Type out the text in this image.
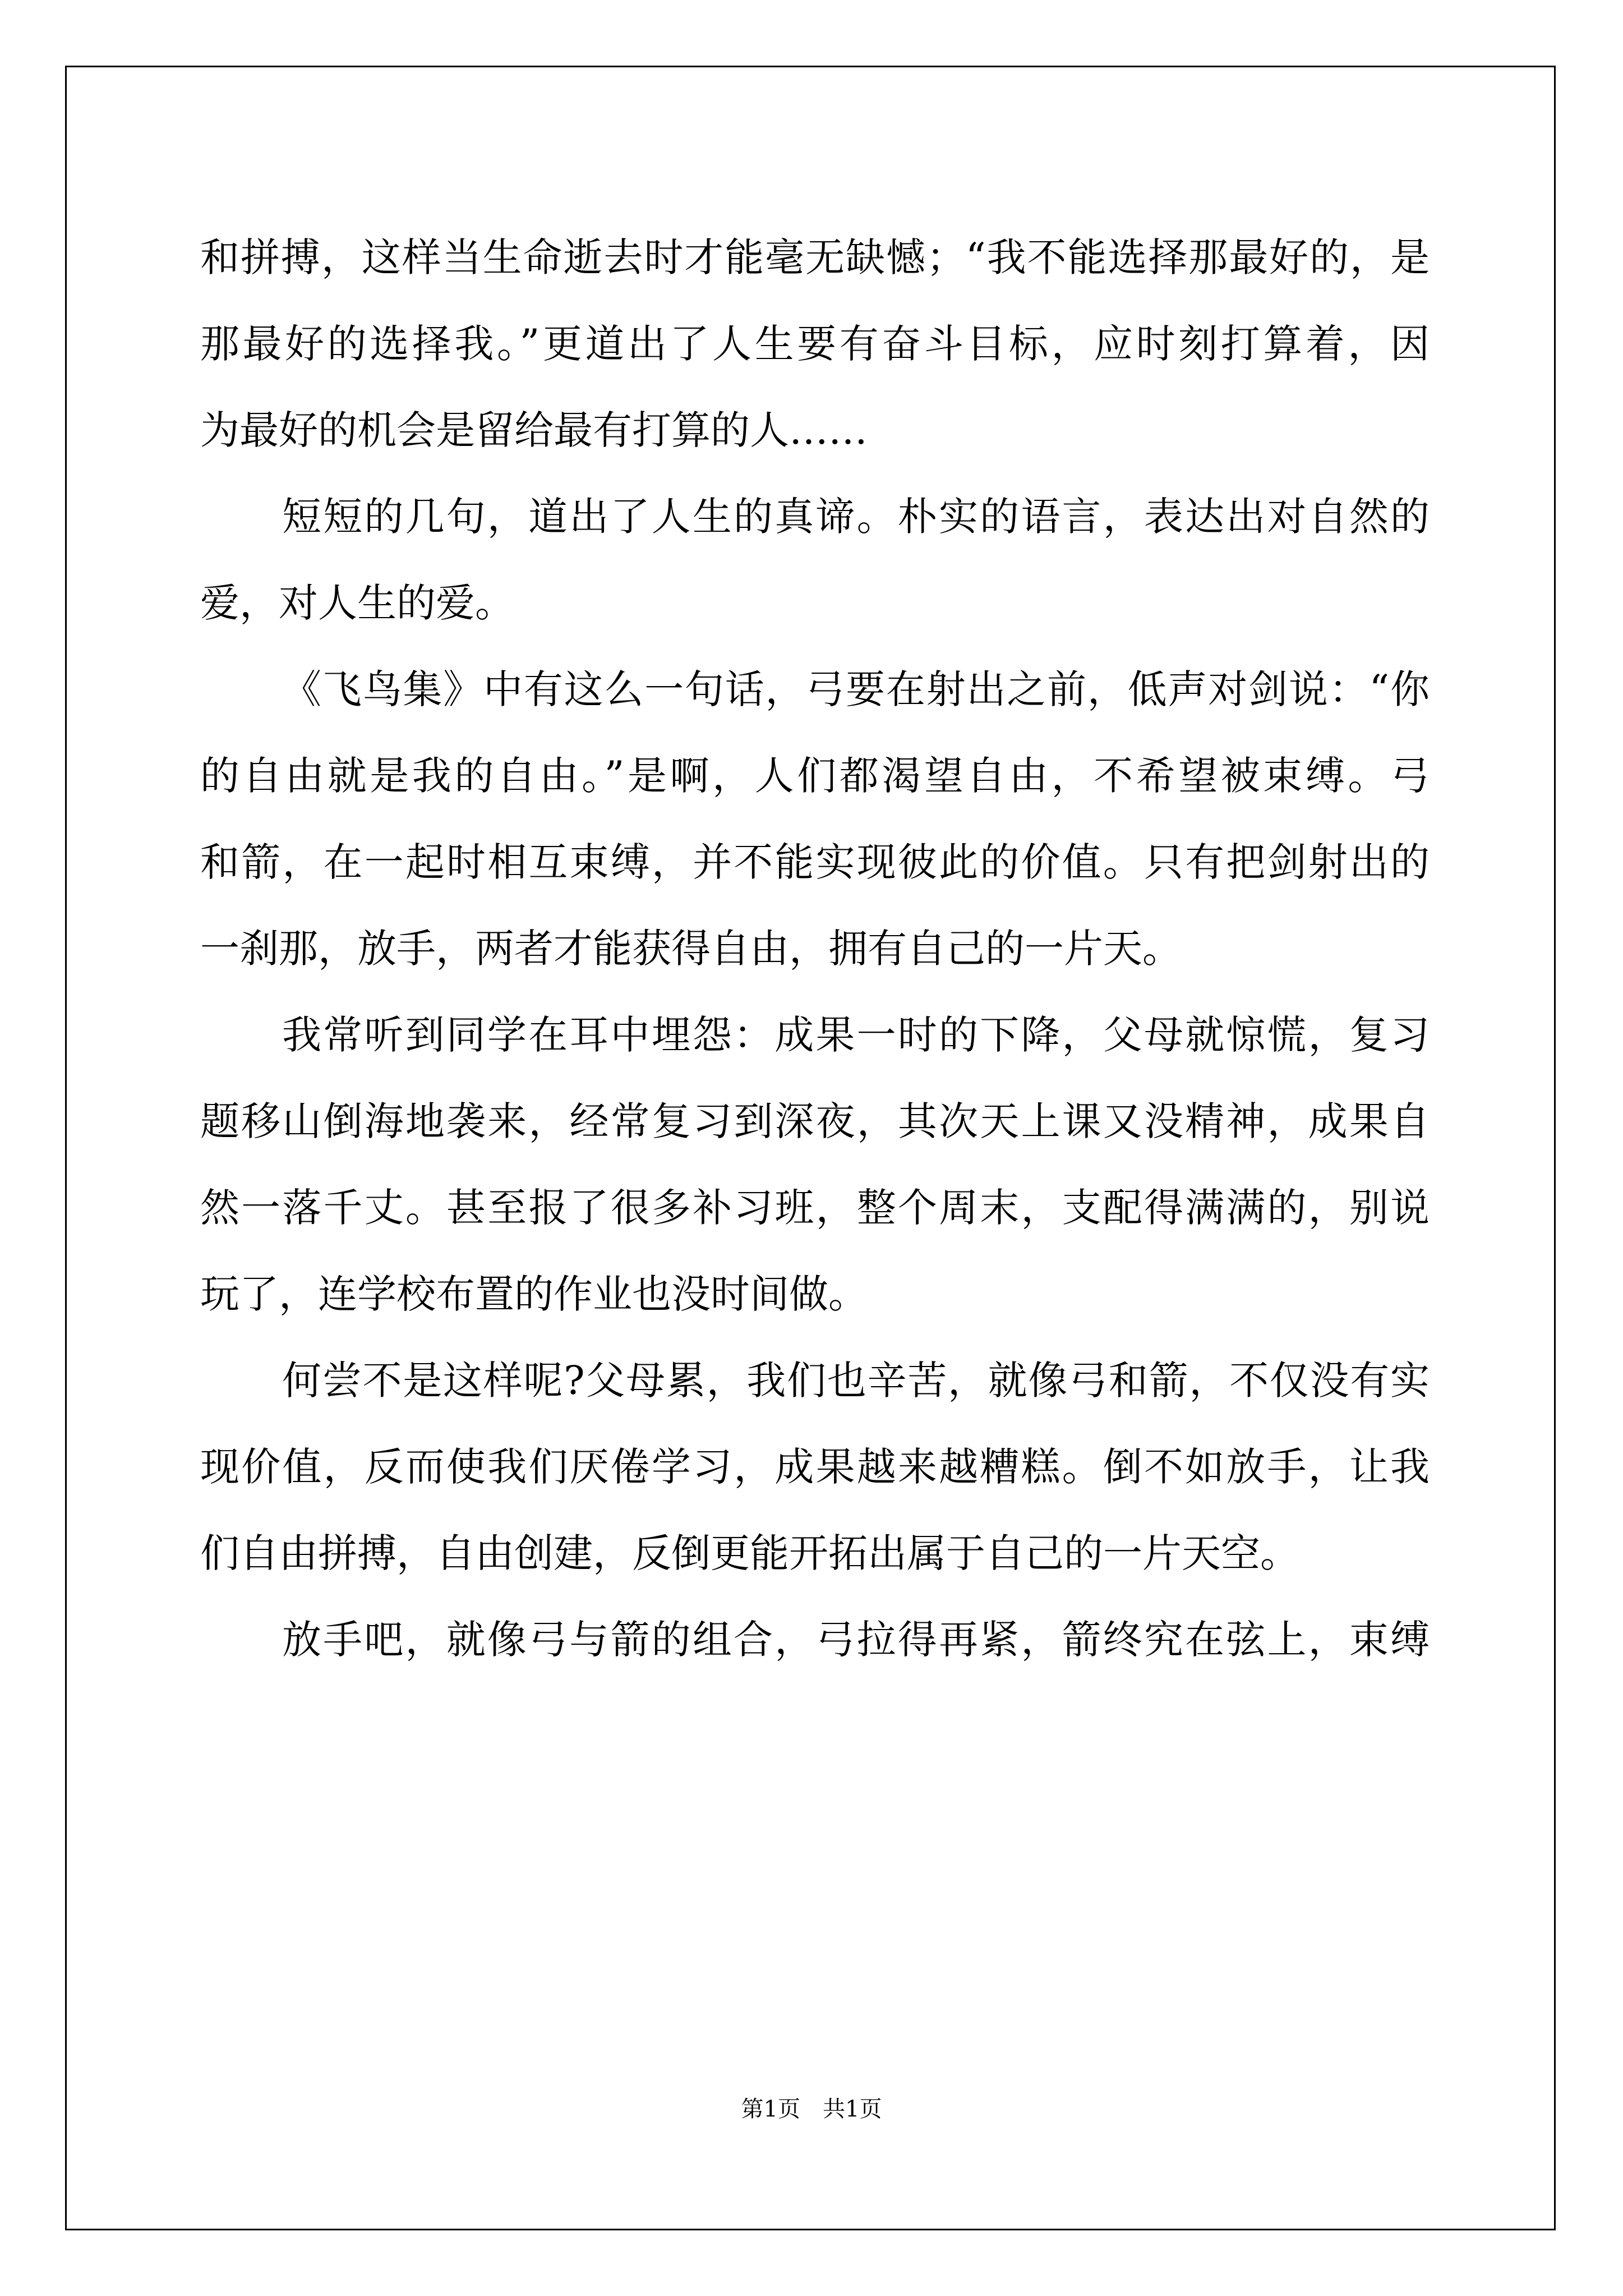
和拼搏，这样当生命逝去时才能毫无缺憾；“我不能选择那最好的，是
那最好的选择我。”更道出了人生要有奋斗目标，应时刻打算着，因
为最好的机会是留给最有打算的人……
短短的几句，道出了人生的真谛。朴实的语言，表达出对自然的
爱，对人生的爱。
《飞鸟集》中有这么一句话，弓要在射出之前，低声对剑说：“你
的自由就是我的自由。”是啊，人们都渴望自由，不希望被束缚。弓
和箭，在一起时相互束缚，并不能实现彼此的价值。只有把剑射出的
一刹那，放手，两者才能获得自由，拥有自己的一片天。
我常听到同学在耳中埋怨：成果一时的下降，父母就惊慌，复习
题移山倒海地袭来，经常复习到深夜，其次天上课又没精神，成果自
然一落千丈。甚至报了很多补习班，整个周末，支配得满满的，别说
玩了，连学校布置的作业也没时间做。
何尝不是这样呢?父母累，我们也辛苦，就像弓和箭，不仅没有实
现价值，反而使我们厌倦学习，成果越来越糟糕。倒不如放手，让我
们自由拼搏，自由创建，反倒更能开拓出属于自己的一片天空。
放手吧，就像弓与箭的组合，弓拉得再紧，箭终究在弦上，束缚
第1页　共1页
